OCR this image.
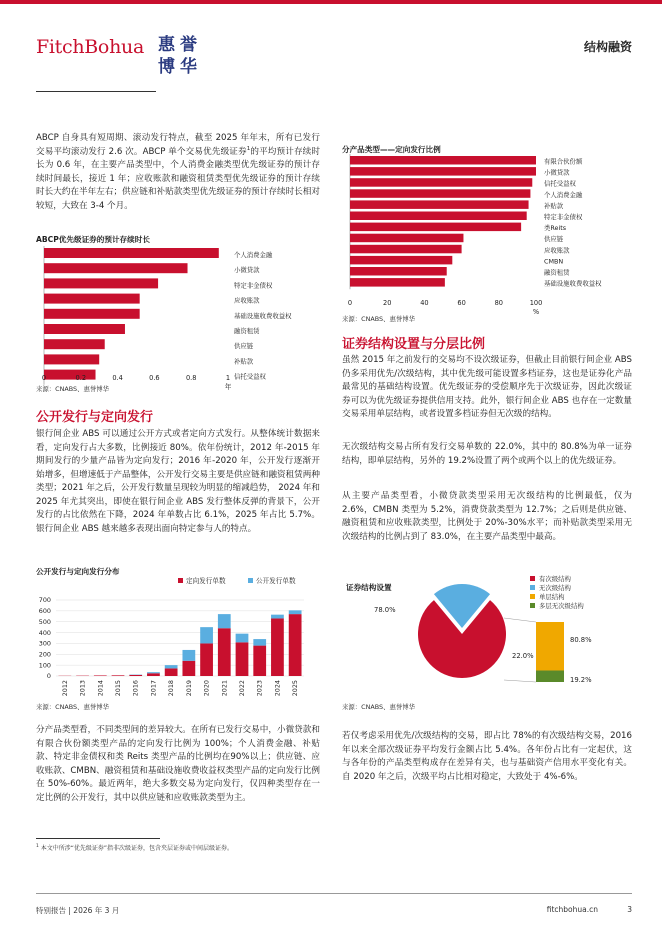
FitchBohua 惠 誉
博 华
结构融资
ABCP 自身具有短周期、滚动发行特点，截至 2025 年年末，所有已发行交易平均滚动发行 2.6 次。ABCP 单个交易优先级证券$^1$的平均预计存续时长为 0.6 年，在主要产品类型中，个人消费金融类型优先级证券的预计存续时间最长，接近 1 年；应收账款和融资租赁类型优先级证券的预计存续时长大约在半年左右；供应链和补贴款类型优先级证券的预计存续时长相对较短，大致在 3-4 个月。
ABCP优先级证券的预计存续时长
个人消费金融
小微贷款
特定非金债权
应收账款
基础设施收费收益权
融资租赁
供应链
补贴款
信托受益权
0	0.2	0.4	0.6	0.8	1
年
来源：CNABS、惠誉博华
公开发行与定向发行
银行间企业 ABS 可以通过公开方式或者定向方式发行。从整体统计数据来看，定向发行占大多数，比例接近 80%。依年份统计，2012 年-2015 年期间发行的少量产品皆为定向发行；2016 年-2020 年，公开发行逐渐开始增多，但增速低于产品整体，公开发行交易主要是供应链和融资租赁两种类型；2021 年之后，公开发行数量呈现较为明显的缩减趋势， 2024 年和 2025 年尤其突出，即使在银行间企业 ABS 发行整体反弹的背景下，公开发行的占比依然在下降，2024 年单数占比 6.1%，2025 年占比 5.7%。银行间企业 ABS 越来越多表现出面向特定参与人的特点。
公开发行与定向发行分布
0
100
200
300
400
500
600
700
2012 2013 2014 2015 2016 2017 2018 2019 2020 2021 2022 2023 2024 2025
定向发行单数	公开发行单数
来源：CNABS、惠誉博华
分产品类型看，不同类型间的差异较大。在所有已发行交易中，小微贷款和有限合伙份额类型产品的定向发行比例为 100%；个人消费金融、补贴款、特定非金债权和类 Reits 类型产品的比例均在90%以上；供应链、应收账款、CMBN、融资租赁和基础设施收费收益权类型产品的定向发行比例在 50%-60%。最近两年，绝大多数交易为定向发行，仅四种类型存在一定比例的公开发行，其中以供应链和应收账款类型为主。
$^1$ 本文中所涉“优先级证券”指非次级证券，包含夹层证券或中间层级证券。
分产品类型——定向发行比例
有限合伙份额
小微贷款
信托受益权
个人消费金融
补贴款
特定非金债权
类Reits
供应链
应收账款
CMBN
融资租赁
基础设施收费收益权
0	20	40	60	80	100
%
来源：CNABS、惠誉博华
证券结构设置与分层比例
虽然 2015 年之前发行的交易均不设次级证券，但截止目前银行间企业 ABS 仍多采用优先/次级结构，其中优先级可能设置多档证券，这也是证券化产品最常见的基础结构设置。优先级证券的受偿顺序先于次级证券，因此次级证券可以为优先级证券提供信用支持。此外，银行间企业 ABS 也存在一定数量交易采用单层结构，或者设置多档证券但无次级的结构。
无次级结构交易占所有发行交易单数的 22.0%，其中的 80.8%为单一证券结构，即单层结构，另外的 19.2%设置了两个或两个以上的优先级证券。
从主要产品类型看，小微贷款类型采用无次级结构的比例最低，仅为 2.6%，CMBN 类型为 5.2%，消费贷款类型为 12.7%；之后则是供应链、融资租赁和应收账款类型，比例处于 20%-30%水平；而补贴款类型采用无次级结构的比例占到了 83.0%，在主要产品类型中最高。
证券结构设置
78.0%
22.0%
80.8%
19.2%
有次级结构
无次级结构
单层结构
多层无次级结构
来源：CNABS、惠誉博华
若仅考虑采用优先/次级结构的交易，即占比 78%的有次级结构交易，2016 年以来全部次级证券平均发行金额占比 5.4%。各年份占比有一定起伏，这与各年份的产品类型构成存在差异有关，也与基础资产信用水平变化有关。自 2020 年之后，次级平均占比相对稳定，大致处于 4%-6%。
特别报告 | 2026 年 3 月	fitchbohua.cn	3
